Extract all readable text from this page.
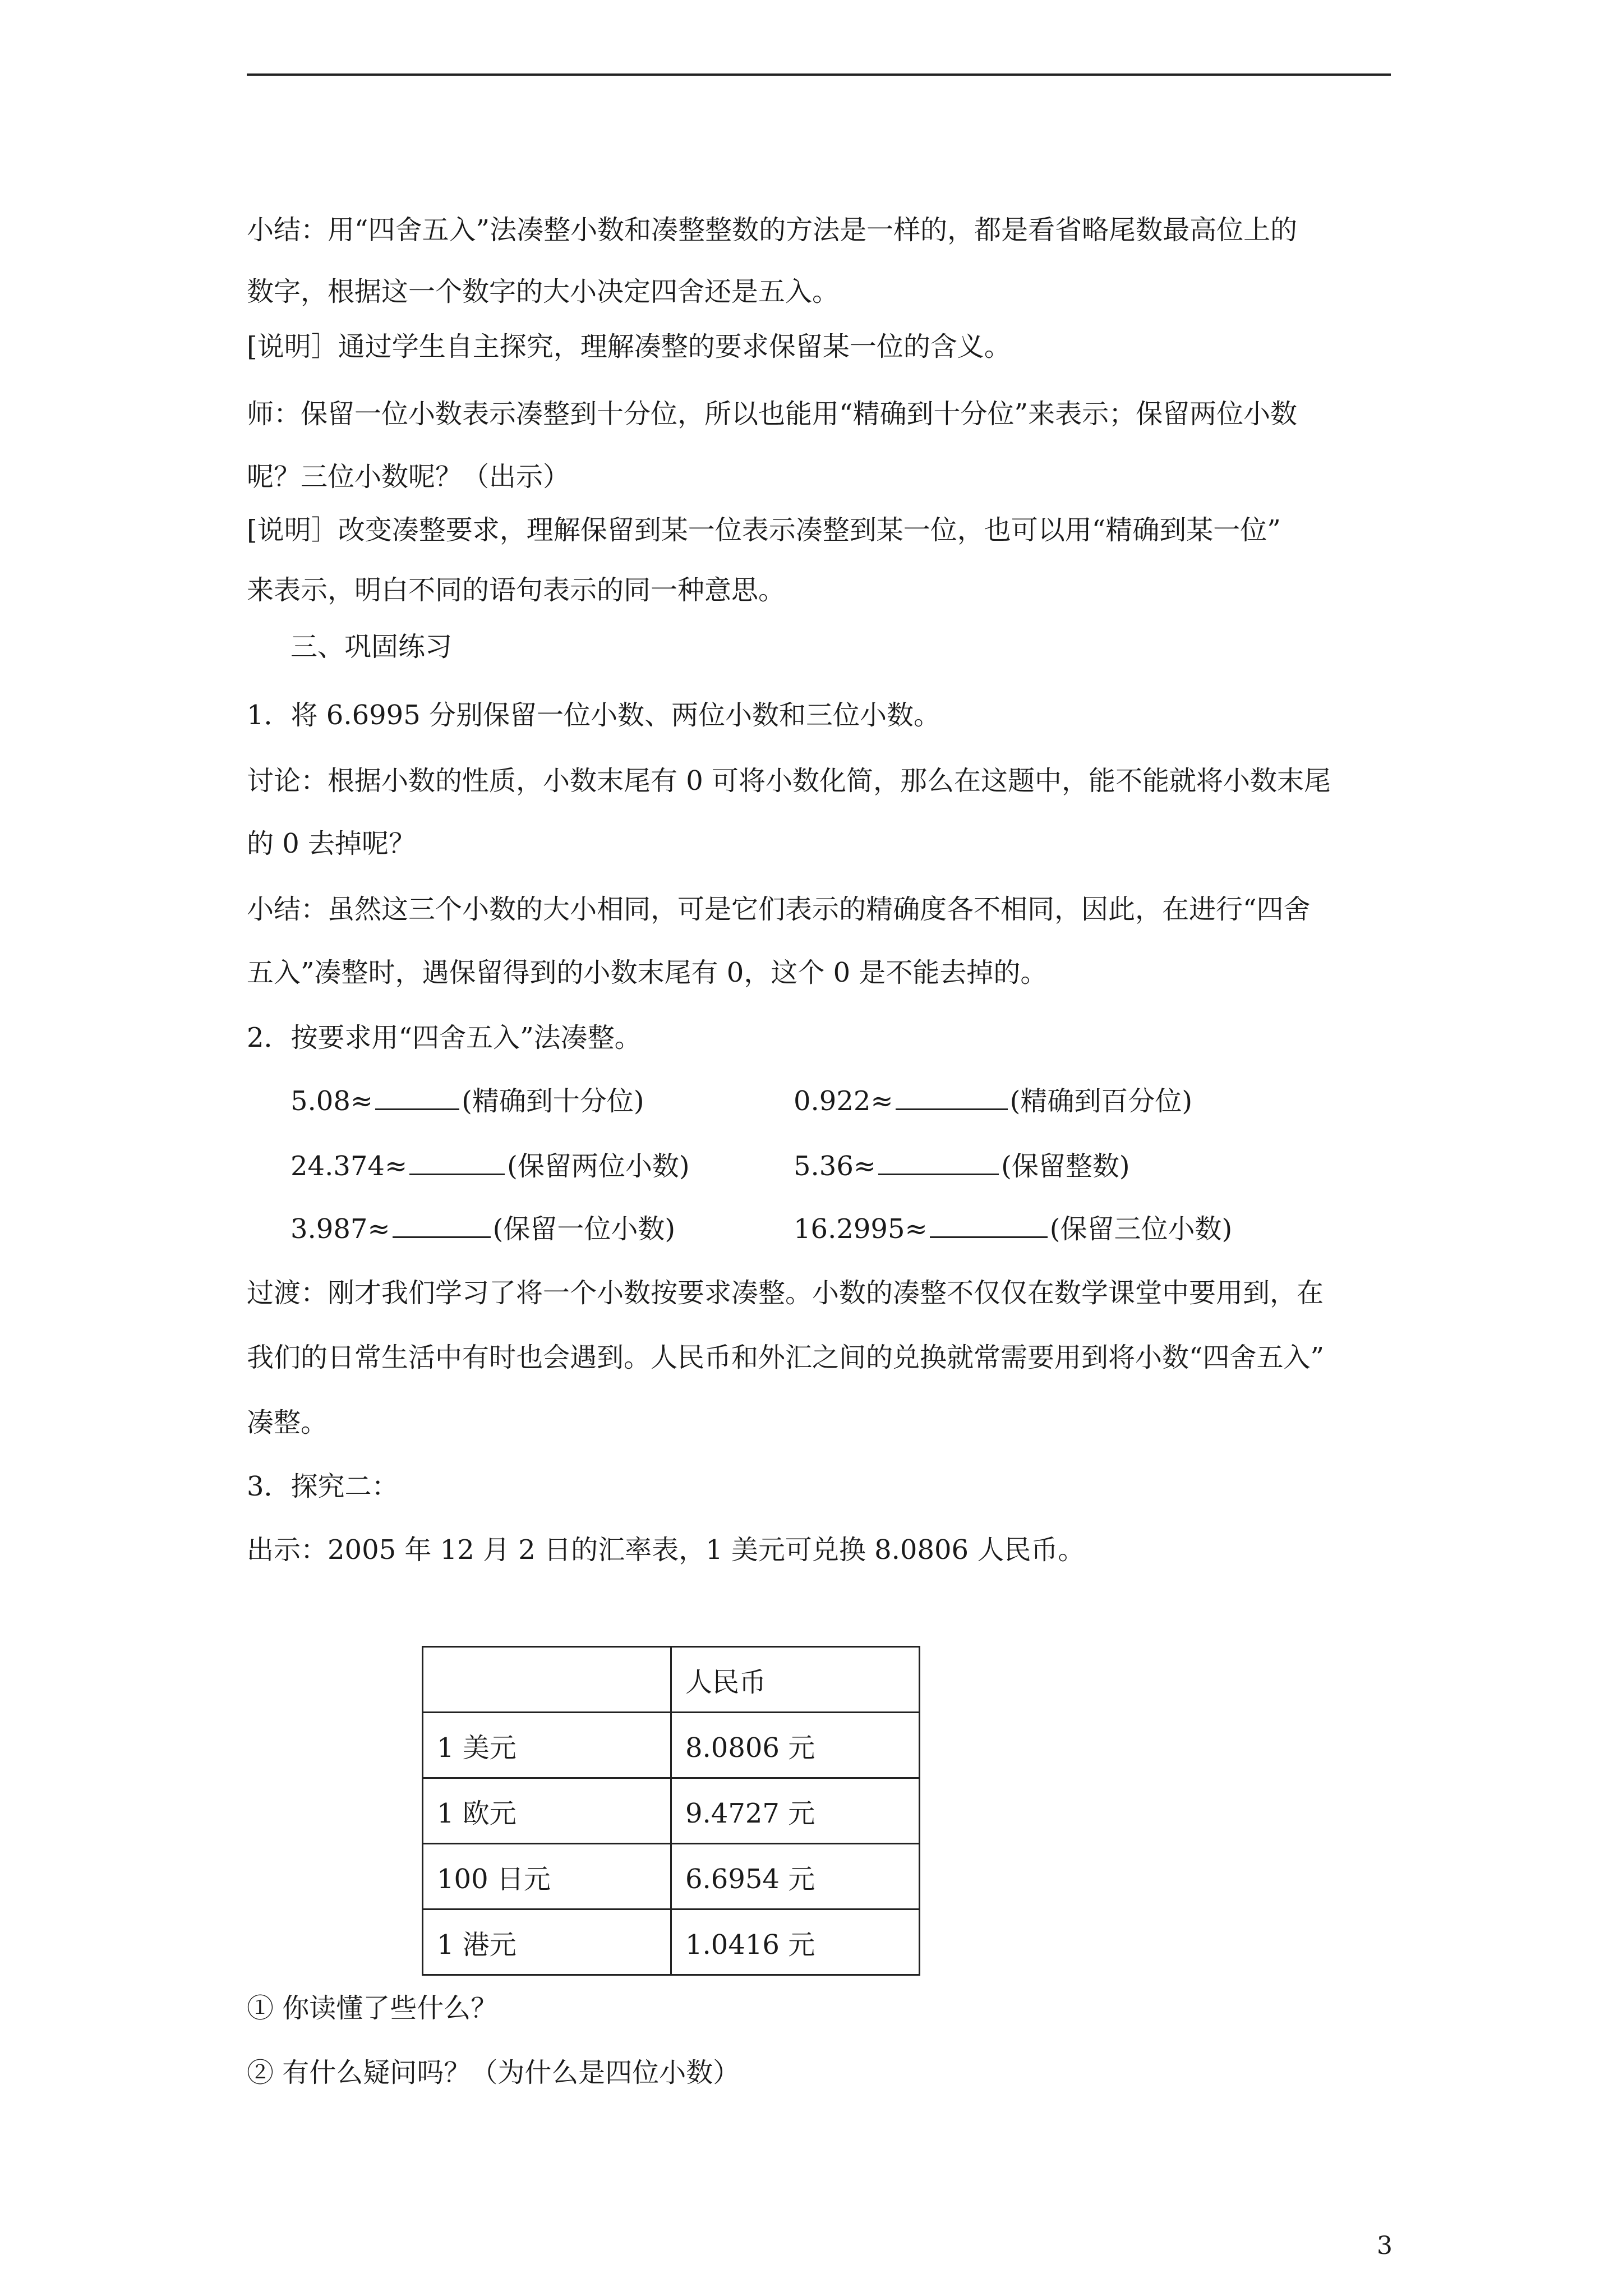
小结：用“四舍五入”法凑整小数和凑整整数的方法是一样的，都是看省略尾数最高位上的
数字，根据这一个数字的大小决定四舍还是五入。
[说明］通过学生自主探究，理解凑整的要求保留某一位的含义。
师：保留一位小数表示凑整到十分位，所以也能用“精确到十分位”来表示；保留两位小数
呢？三位小数呢？（出示）
[说明］改变凑整要求，理解保留到某一位表示凑整到某一位，也可以用“精确到某一位”
来表示，明白不同的语句表示的同一种意思。
三、巩固练习
1．将 6.6995 分别保留一位小数、两位小数和三位小数。
讨论：根据小数的性质，小数末尾有 0 可将小数化简，那么在这题中，能不能就将小数末尾
的 0 去掉呢？
小结：虽然这三个小数的大小相同，可是它们表示的精确度各不相同，因此，在进行“四舍
五入”凑整时，遇保留得到的小数末尾有 0，这个 0 是不能去掉的。
2．按要求用“四舍五入”法凑整。
5.08≈	(精确到十分位)	0.922≈	(精确到百分位)
24.374≈	(保留两位小数)	5.36≈	(保留整数)
3.987≈	(保留一位小数)	16.2995≈	(保留三位小数)
过渡：刚才我们学习了将一个小数按要求凑整。小数的凑整不仅仅在数学课堂中要用到，在
我们的日常生活中有时也会遇到。人民币和外汇之间的兑换就常需要用到将小数“四舍五入”
凑整。
3．探究二：
出示：2005 年 12 月 2 日的汇率表，1 美元可兑换 8.0806 人民币。
	人民币
1 美元	8.0806 元
1 欧元	9.4727 元
100 日元	6.6954 元
1 港元	1.0416 元
① 你读懂了些什么？
② 有什么疑问吗？（为什么是四位小数）
3
